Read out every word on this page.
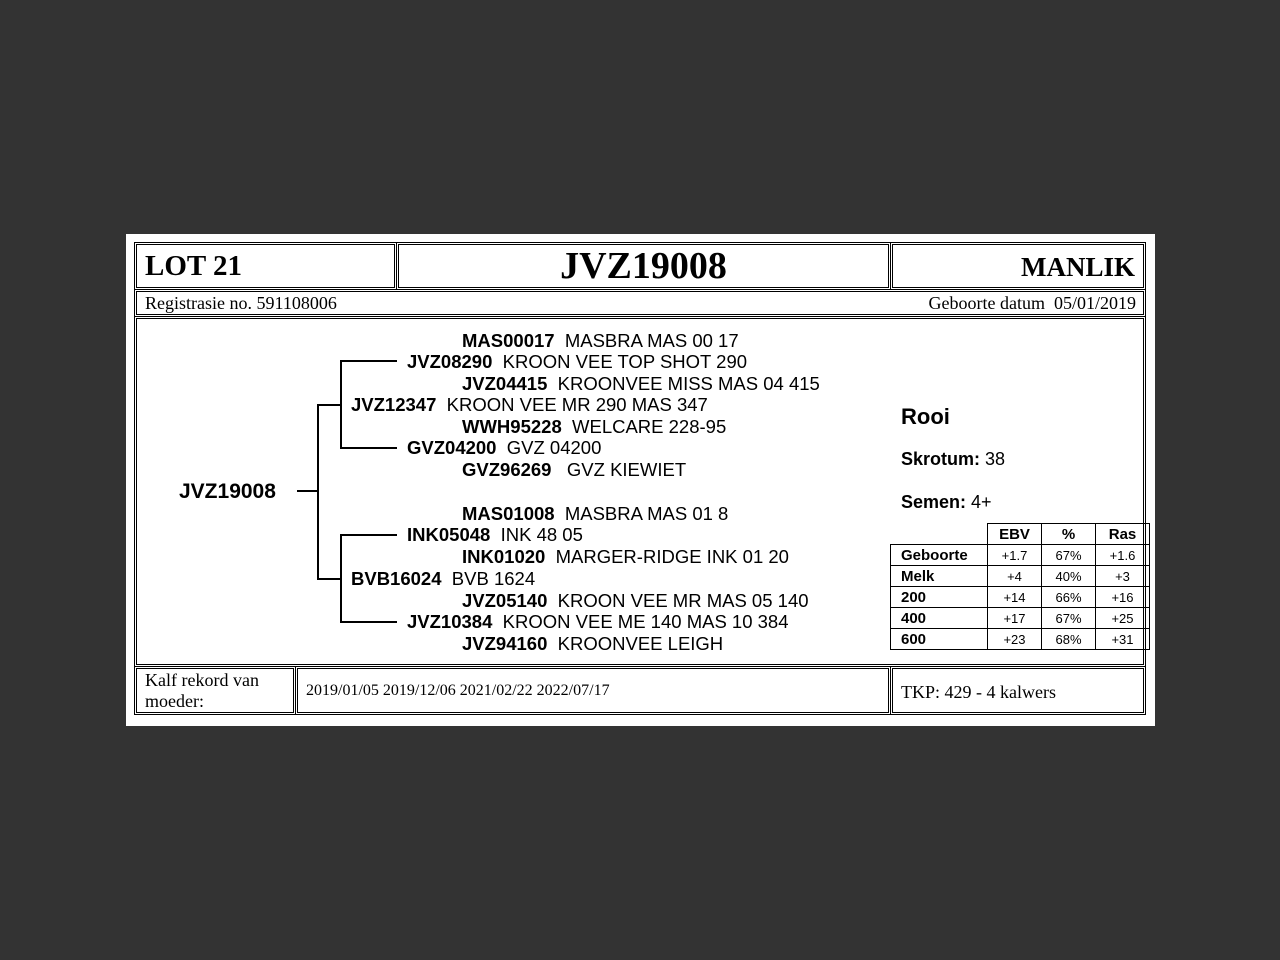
LOT 21	JVZ19008	MANLIK
Registrasie no. 591108006	Geboorte datum 05/01/2019
JVZ19008
MAS00017 MASBRA MAS 00 17
JVZ08290 KROON VEE TOP SHOT 290
JVZ04415 KROONVEE MISS MAS 04 415
JVZ12347 KROON VEE MR 290 MAS 347
WWH95228 WELCARE 228-95
GVZ04200 GVZ 04200
GVZ96269 GVZ KIEWIET
MAS01008 MASBRA MAS 01 8
INK05048 INK 48 05
INK01020 MARGER-RIDGE INK 01 20
BVB16024 BVB 1624
JVZ05140 KROON VEE MR MAS 05 140
JVZ10384 KROON VEE ME 140 MAS 10 384
JVZ94160 KROONVEE LEIGH
Rooi
Skrotum: 38
Semen: 4+
	EBV	%	Ras
Geboorte	+1.7	67%	+1.6
Melk	+4	40%	+3
200	+14	66%	+16
400	+17	67%	+25
600	+23	68%	+31
Kalf rekord van moeder:
2019/01/05 2019/12/06 2021/02/22 2022/07/17	TKP: 429 - 4 kalwers
